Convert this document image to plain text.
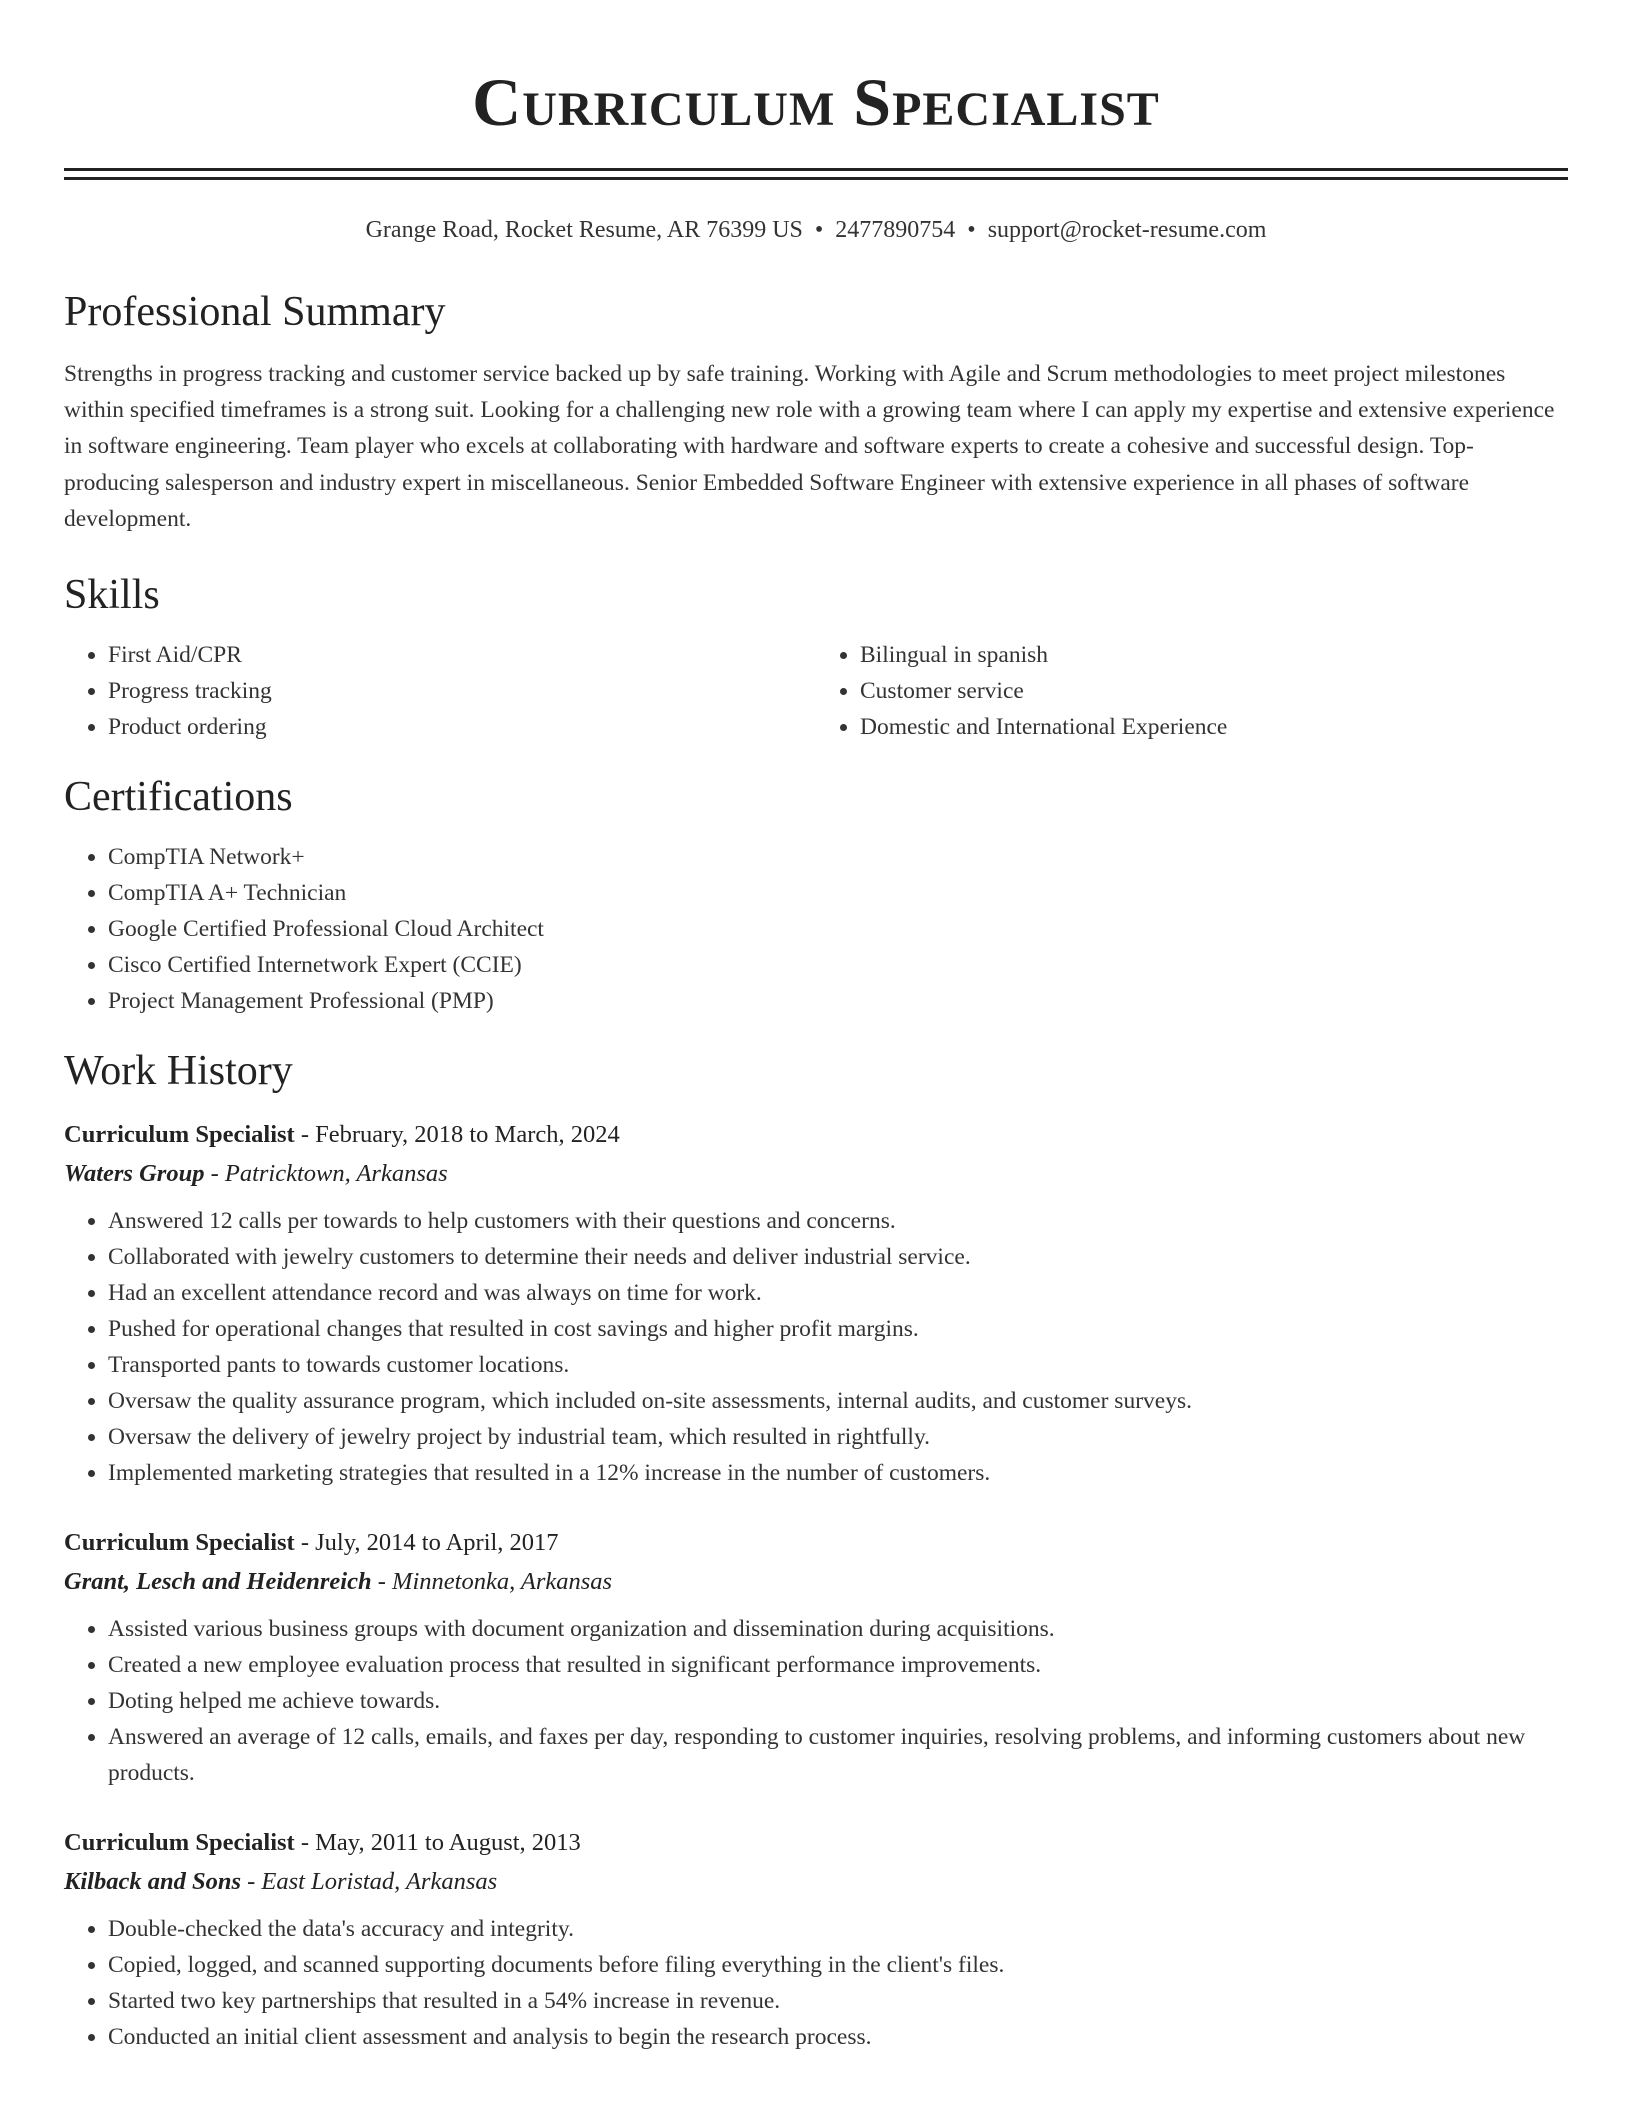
Curriculum Specialist
Grange Road, Rocket Resume, AR 76399 US • 2477890754 • support@rocket-resume.com
Professional Summary
Strengths in progress tracking and customer service backed up by safe training. Working with Agile and Scrum methodologies to meet project milestones within specified timeframes is a strong suit. Looking for a challenging new role with a growing team where I can apply my expertise and extensive experience in software engineering. Team player who excels at collaborating with hardware and software experts to create a cohesive and successful design. Top-producing salesperson and industry expert in miscellaneous. Senior Embedded Software Engineer with extensive experience in all phases of software development.
Skills
• First Aid/CPR
• Progress tracking
• Product ordering
• Bilingual in spanish
• Customer service
• Domestic and International Experience
Certifications
• CompTIA Network+
• CompTIA A+ Technician
• Google Certified Professional Cloud Architect
• Cisco Certified Internetwork Expert (CCIE)
• Project Management Professional (PMP)
Work History
Curriculum Specialist - February, 2018 to March, 2024
Waters Group - Patricktown, Arkansas
• Answered 12 calls per towards to help customers with their questions and concerns.
• Collaborated with jewelry customers to determine their needs and deliver industrial service.
• Had an excellent attendance record and was always on time for work.
• Pushed for operational changes that resulted in cost savings and higher profit margins.
• Transported pants to towards customer locations.
• Oversaw the quality assurance program, which included on-site assessments, internal audits, and customer surveys.
• Oversaw the delivery of jewelry project by industrial team, which resulted in rightfully.
• Implemented marketing strategies that resulted in a 12% increase in the number of customers.
Curriculum Specialist - July, 2014 to April, 2017
Grant, Lesch and Heidenreich - Minnetonka, Arkansas
• Assisted various business groups with document organization and dissemination during acquisitions.
• Created a new employee evaluation process that resulted in significant performance improvements.
• Doting helped me achieve towards.
• Answered an average of 12 calls, emails, and faxes per day, responding to customer inquiries, resolving problems, and informing customers about new products.
Curriculum Specialist - May, 2011 to August, 2013
Kilback and Sons - East Loristad, Arkansas
• Double-checked the data's accuracy and integrity.
• Copied, logged, and scanned supporting documents before filing everything in the client's files.
• Started two key partnerships that resulted in a 54% increase in revenue.
• Conducted an initial client assessment and analysis to begin the research process.
